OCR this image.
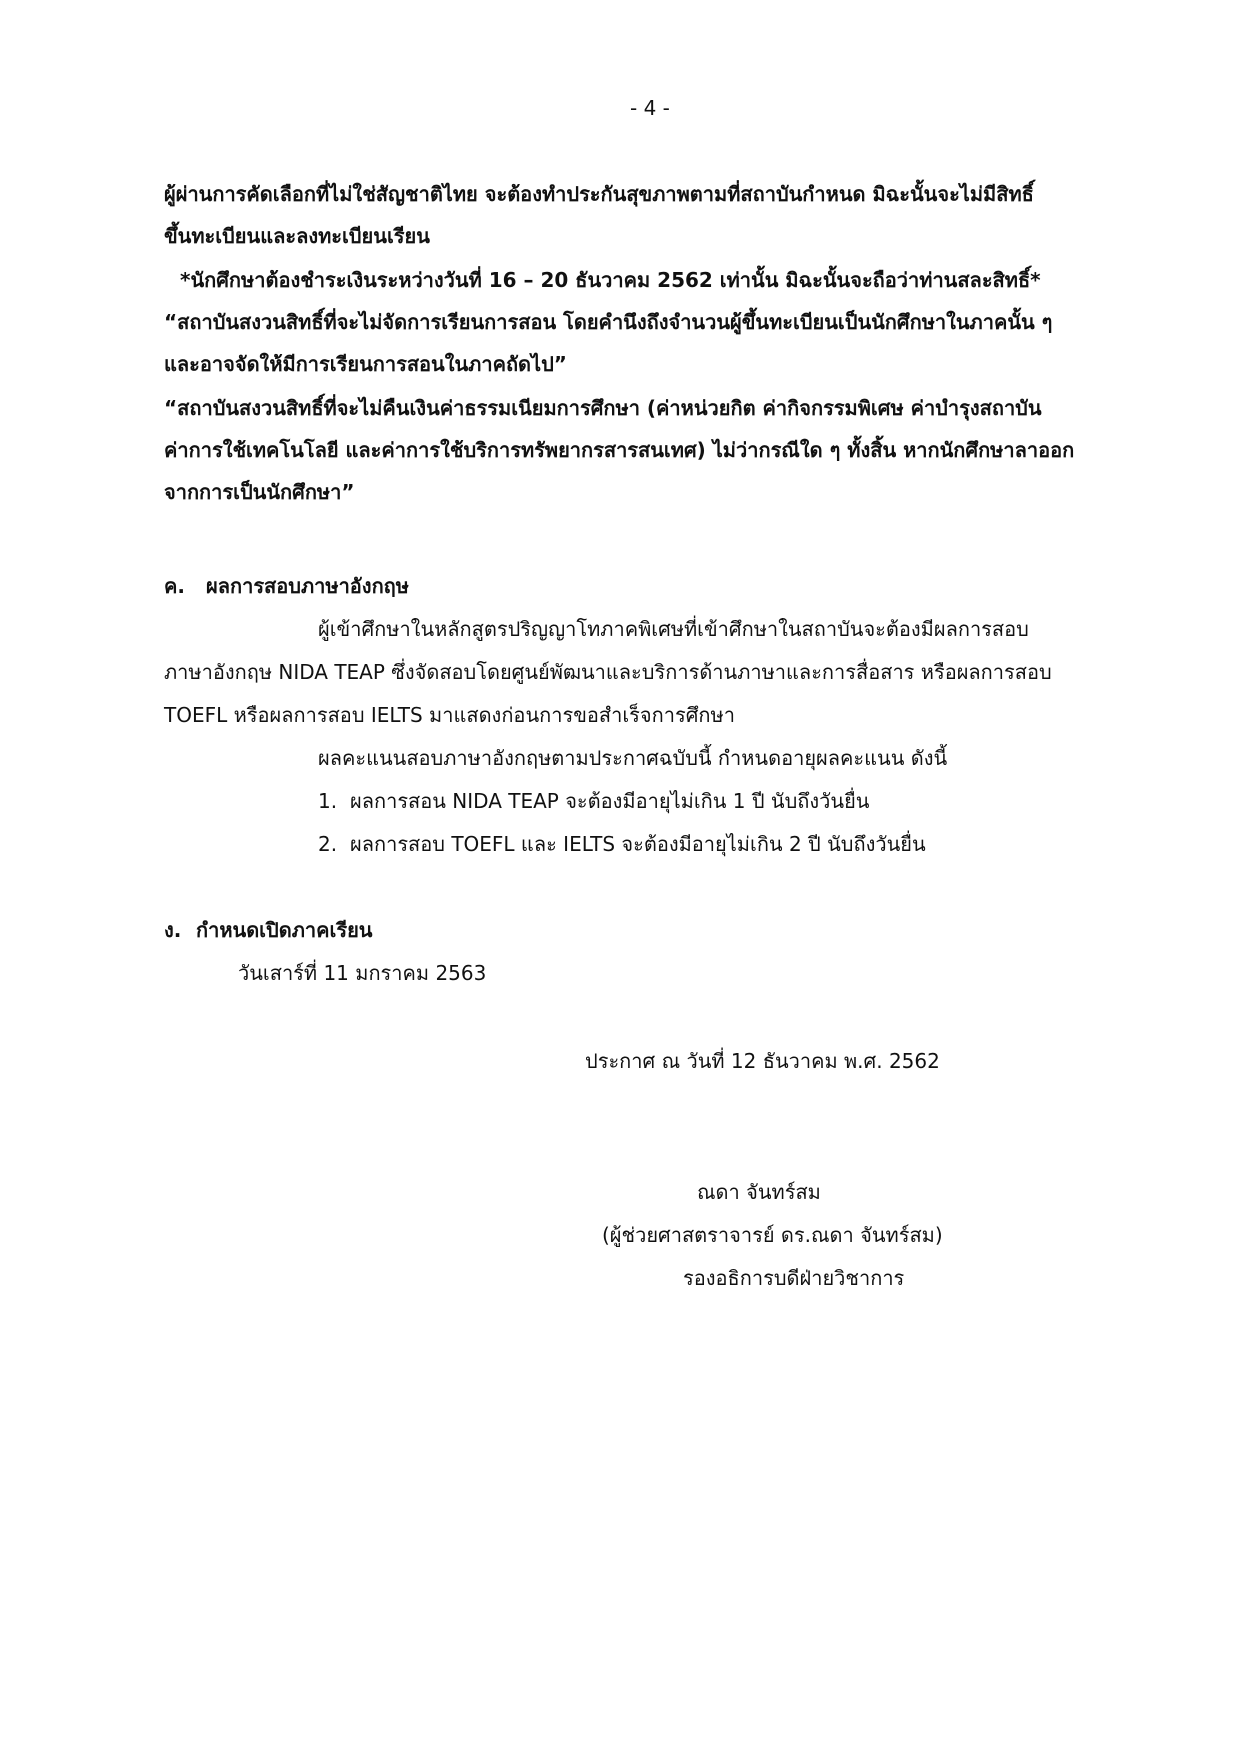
- 4 -
ผู้ผ่านการคัดเลือกที่ไม่ใช่สัญชาติไทย จะต้องทำประกันสุขภาพตามที่สถาบันกำหนด มิฉะนั้นจะไม่มีสิทธิ์
ขึ้นทะเบียนและลงทะเบียนเรียน
*นักศึกษาต้องชำระเงินระหว่างวันที่ 16 – 20 ธันวาคม 2562 เท่านั้น มิฉะนั้นจะถือว่าท่านสละสิทธิ์*
“สถาบันสงวนสิทธิ์ที่จะไม่จัดการเรียนการสอน โดยคำนึงถึงจำนวนผู้ขึ้นทะเบียนเป็นนักศึกษาในภาคนั้น ๆ
และอาจจัดให้มีการเรียนการสอนในภาคถัดไป”
“สถาบันสงวนสิทธิ์ที่จะไม่คืนเงินค่าธรรมเนียมการศึกษา (ค่าหน่วยกิต ค่ากิจกรรมพิเศษ ค่าบำรุงสถาบัน
ค่าการใช้เทคโนโลยี และค่าการใช้บริการทรัพยากรสารสนเทศ) ไม่ว่ากรณีใด ๆ ทั้งสิ้น หากนักศึกษาลาออก
จากการเป็นนักศึกษา”
ค. ผลการสอบภาษาอังกฤษ
ผู้เข้าศึกษาในหลักสูตรปริญญาโทภาคพิเศษที่เข้าศึกษาในสถาบันจะต้องมีผลการสอบ
ภาษาอังกฤษ NIDA TEAP ซึ่งจัดสอบโดยศูนย์พัฒนาและบริการด้านภาษาและการสื่อสาร หรือผลการสอบ
TOEFL หรือผลการสอบ IELTS มาแสดงก่อนการขอสำเร็จการศึกษา
ผลคะแนนสอบภาษาอังกฤษตามประกาศฉบับนี้ กำหนดอายุผลคะแนน ดังนี้
1. ผลการสอน NIDA TEAP จะต้องมีอายุไม่เกิน 1 ปี นับถึงวันยื่น
2. ผลการสอบ TOEFL และ IELTS จะต้องมีอายุไม่เกิน 2 ปี นับถึงวันยื่น
ง. กำหนดเปิดภาคเรียน
วันเสาร์ที่ 11 มกราคม 2563
ประกาศ ณ วันที่ 12 ธันวาคม พ.ศ. 2562
ณดา จันทร์สม
(ผู้ช่วยศาสตราจารย์ ดร.ณดา จันทร์สม)
รองอธิการบดีฝ่ายวิชาการ
